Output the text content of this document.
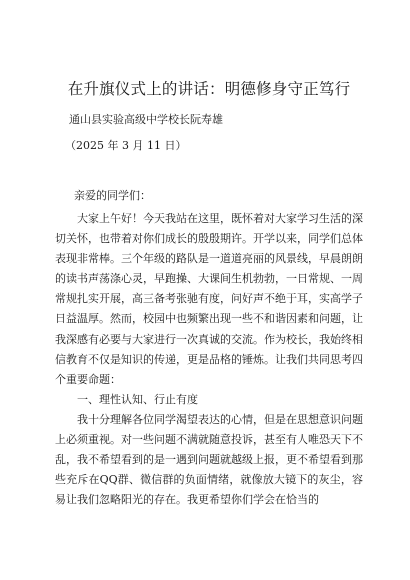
在升旗仪式上的讲话：明德修身守正笃行
通山县实验高级中学校长阮寿雄
（2025 年 3 月 11 日）
亲爱的同学们：

大家上午好！今天我站在这里，既怀着对大家学习生活的深切关怀，也带着对你们成长的殷殷期许。开学以来，同学们总体表现非常棒。三个年级的路队是一道道亮丽的风景线，早晨朗朗的读书声荡涤心灵，早跑操、大课间生机勃勃，一日常规、一周常规扎实开展，高三备考张驰有度，问好声不绝于耳，实高学子日益温厚。然而，校园中也频繁出现一些不和谐因素和问题，让我深感有必要与大家进行一次真诚的交流。作为校长，我始终相信教育不仅是知识的传递，更是品格的锤炼。让我们共同思考四个重要命题：

一、理性认知、行止有度

我十分理解各位同学渴望表达的心情，但是在思想意识问题上必须重视。对一些问题不满就随意投诉，甚至有人唯恐天下不乱，我不希望看到的是一遇到问题就越级上报，更不希望看到那些充斥在QQ群、微信群的负面情绪，就像放大镜下的灰尘，容易让我们忽略阳光的存在。我更希望你们学会在恰当的
